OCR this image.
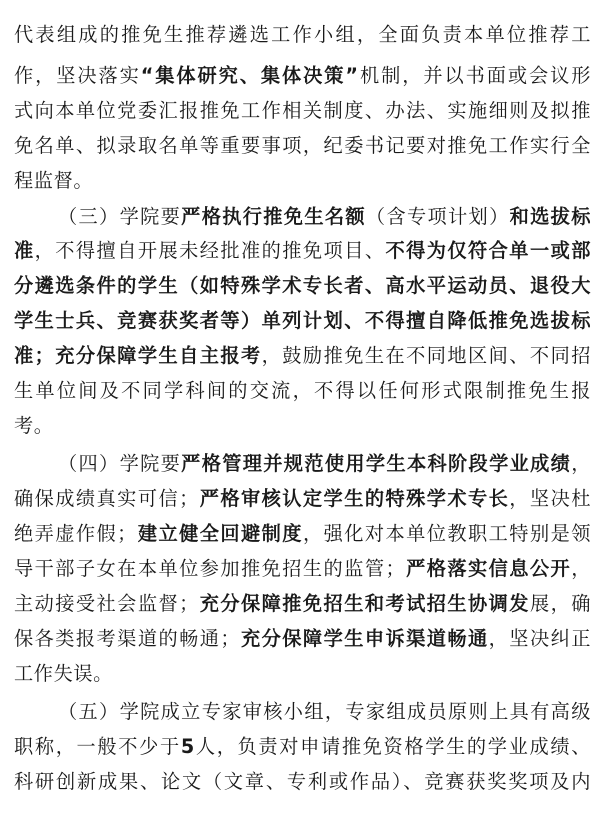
代表组成的推免生推荐遴选工作小组，全面负责本单位推荐工
作，坚决落实“集体研究、集体决策”机制，并以书面或会议形
式向本单位党委汇报推免工作相关制度、办法、实施细则及拟推
免名单、拟录取名单等重要事项，纪委书记要对推免工作实行全
程监督。
（三）学院要严格执行推免生名额（含专项计划）和选拔标
准，不得擅自开展未经批准的推免项目、不得为仅符合单一或部
分遴选条件的学生（如特殊学术专长者、高水平运动员、退役大
学生士兵、竞赛获奖者等）单列计划、不得擅自降低推免选拔标
准；充分保障学生自主报考，鼓励推免生在不同地区间、不同招
生单位间及不同学科间的交流，不得以任何形式限制推免生报
考。
（四）学院要严格管理并规范使用学生本科阶段学业成绩，
确保成绩真实可信；严格审核认定学生的特殊学术专长，坚决杜
绝弄虚作假；建立健全回避制度，强化对本单位教职工特别是领
导干部子女在本单位参加推免招生的监管；严格落实信息公开，
主动接受社会监督；充分保障推免招生和考试招生协调发展，确
保各类报考渠道的畅通；充分保障学生申诉渠道畅通，坚决纠正
工作失误。
（五）学院成立专家审核小组，专家组成员原则上具有高级
职称，一般不少于5人，负责对申请推免资格学生的学业成绩、
科研创新成果、论文（文章、专利或作品）、竞赛获奖奖项及内
